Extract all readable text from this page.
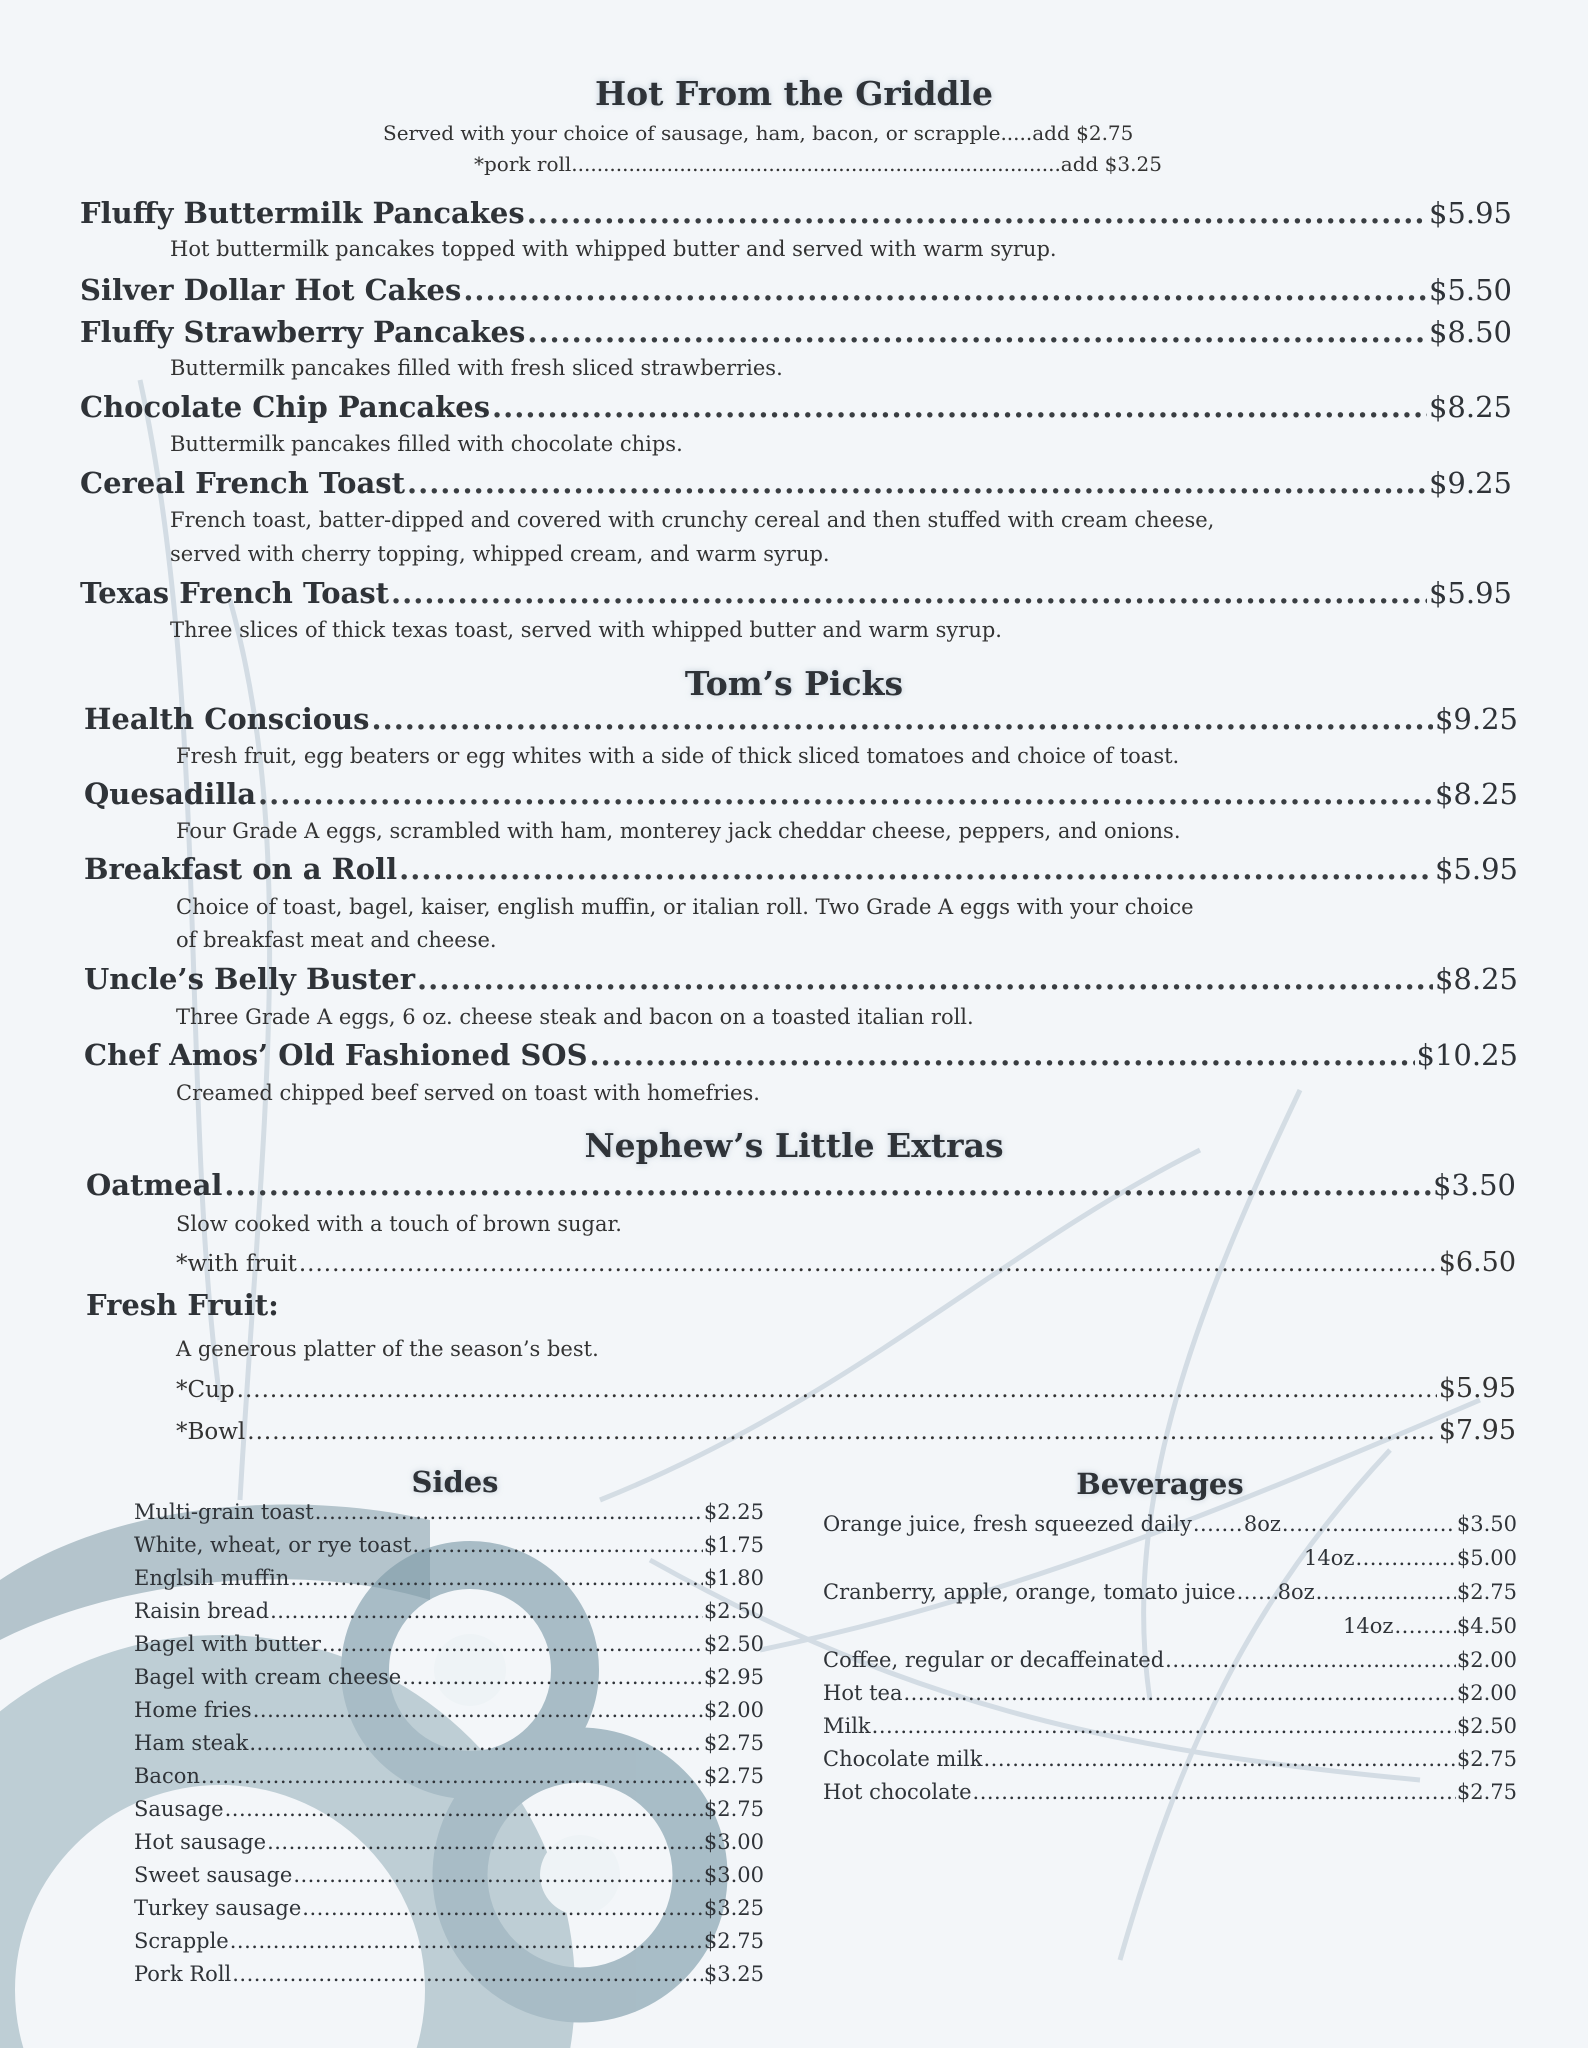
Hot From the Griddle
Served with your choice of sausage, ham, bacon, or scrapple.....add $2.75
*pork roll.............................................................................add $3.25
Fluffy Buttermilk Pancakes .....	$5.95
Hot buttermilk pancakes topped with whipped butter and served with warm syrup.
Silver Dollar Hot Cakes .....	$5.50
Fluffy Strawberry Pancakes .....	$8.50
Buttermilk pancakes filled with fresh sliced strawberries.
Chocolate Chip Pancakes .....	$8.25
Buttermilk pancakes filled with chocolate chips.
Cereal French Toast .....	$9.25
French toast, batter-dipped and covered with crunchy cereal and then stuffed with cream cheese,
served with cherry topping, whipped cream, and warm syrup.
Texas French Toast .....	$5.95
Three slices of thick texas toast, served with whipped butter and warm syrup.
Tom’s Picks
Health Conscious .....	$9.25
Fresh fruit, egg beaters or egg whites with a side of thick sliced tomatoes and choice of toast.
Quesadilla .....	$8.25
Four Grade A eggs, scrambled with ham, monterey jack cheddar cheese, peppers, and onions.
Breakfast on a Roll .....	$5.95
Choice of toast, bagel, kaiser, english muffin, or italian roll. Two Grade A eggs with your choice
of breakfast meat and cheese.
Uncle’s Belly Buster .....	$8.25
Three Grade A eggs, 6 oz. cheese steak and bacon on a toasted italian roll.
Chef Amos’ Old Fashioned SOS .....	$10.25
Creamed chipped beef served on toast with homefries.
Nephew’s Little Extras
Oatmeal .....	$3.50
Slow cooked with a touch of brown sugar.
*with fruit .....	$6.50
Fresh Fruit:
A generous platter of the season’s best.
*Cup .....	$5.95
*Bowl .....	$7.95
Sides
Multi-grain toast .....	$2.25
White, wheat, or rye toast .....	$1.75
Englsih muffin .....	$1.80
Raisin bread .....	$2.50
Bagel with butter .....	$2.50
Bagel with cream cheese .....	$2.95
Home fries .....	$2.00
Ham steak .....	$2.75
Bacon .....	$2.75
Sausage .....	$2.75
Hot sausage .....	$3.00
Sweet sausage .....	$3.00
Turkey sausage .....	$3.25
Scrapple .....	$2.75
Pork Roll .....	$3.25
Beverages
Orange juice, fresh squeezed daily ..... 8oz .....	$3.50
14oz .....	$5.00
Cranberry, apple, orange, tomato juice ..... 8oz .....	$2.75
14oz .....	$4.50
Coffee, regular or decaffeinated .....	$2.00
Hot tea .....	$2.00
Milk .....	$2.50
Chocolate milk .....	$2.75
Hot chocolate .....	$2.75
